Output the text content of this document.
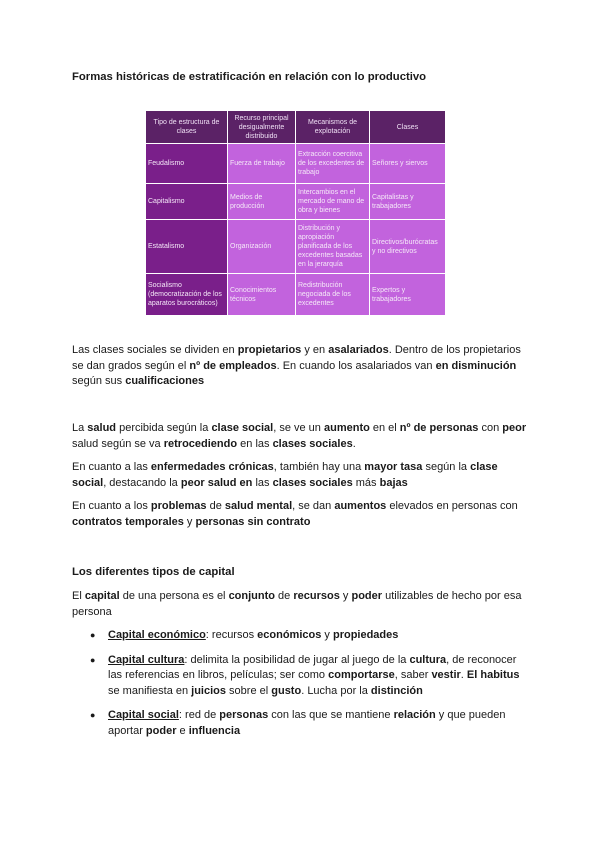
Formas históricas de estratificación en relación con lo productivo
Tipo de estructura de clases	Recurso principal desigualmente distribuido	Mecanismos de explotación	Clases
Feudalismo	Fuerza de trabajo	Extracción coercitiva de los excedentes de trabajo	Señores y siervos
Capitalismo	Medios de producción	Intercambios en el mercado de mano de obra y bienes	Capitalistas y trabajadores
Estatalismo	Organización	Distribución y apropiación planificada de los excedentes basadas en la jerarquía	Directivos/burócratas y no directivos
Socialismo (democratización de los aparatos burocráticos)	Conocimientos técnicos	Redistribución negociada de los excedentes	Expertos y trabajadores

Las clases sociales se dividen en propietarios y en asalariados. Dentro de los propietarios se dan grados según el nº de empleados. En cuando los asalariados van en disminución según sus cualificaciones

La salud percibida según la clase social, se ve un aumento en el nº de personas con peor salud según se va retrocediendo en las clases sociales.

En cuanto a las enfermedades crónicas, también hay una mayor tasa según la clase social, destacando la peor salud en las clases sociales más bajas

En cuanto a los problemas de salud mental, se dan aumentos elevados en personas con contratos temporales y personas sin contrato

Los diferentes tipos de capital

El capital de una persona es el conjunto de recursos y poder utilizables de hecho por esa persona

● Capital económico: recursos económicos y propiedades
● Capital cultura: delimita la posibilidad de jugar al juego de la cultura, de reconocer las referencias en libros, películas; ser como comportarse, saber vestir. El habitus se manifiesta en juicios sobre el gusto. Lucha por la distinción
● Capital social: red de personas con las que se mantiene relación y que pueden aportar poder e influencia
